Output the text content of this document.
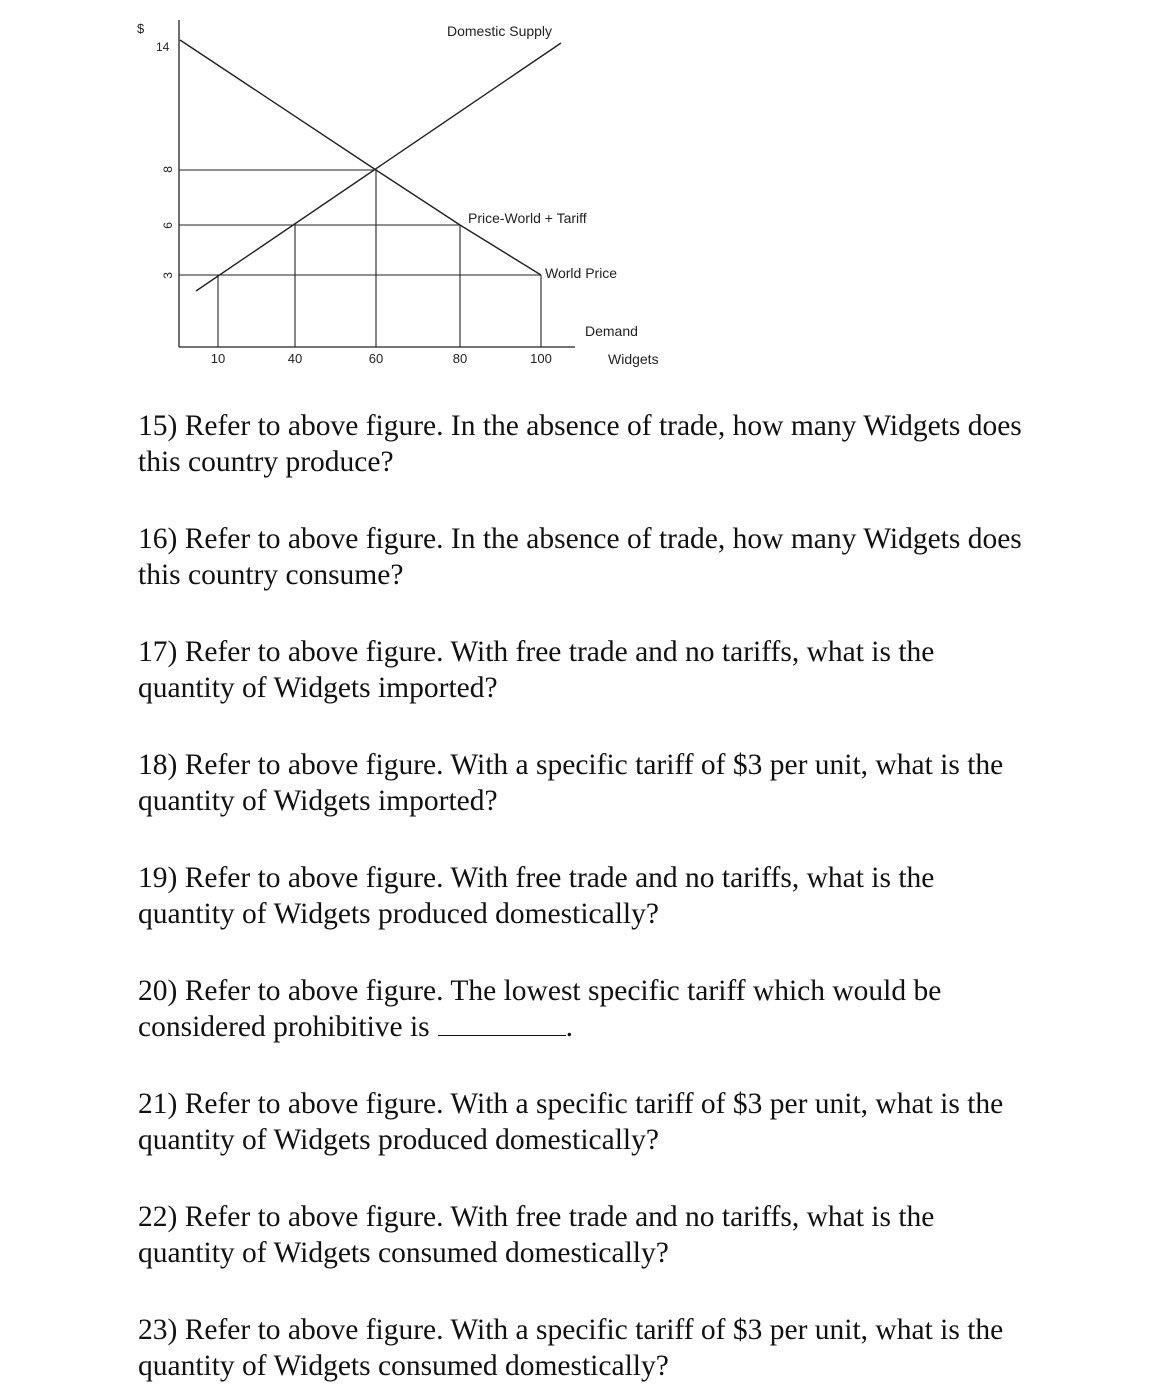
$
Widgets
14
8
6
3
10	40	60	80	100
Domestic Supply
Price-World + Tariff
World Price
Demand

15) Refer to above figure. In the absence of trade, how many Widgets does this country produce?

16) Refer to above figure. In the absence of trade, how many Widgets does this country consume?

17) Refer to above figure. With free trade and no tariffs, what is the quantity of Widgets imported?

18) Refer to above figure. With a specific tariff of $3 per unit, what is the quantity of Widgets imported?

19) Refer to above figure. With free trade and no tariffs, what is the quantity of Widgets produced domestically?

20) Refer to above figure. The lowest specific tariff which would be considered prohibitive is	.

21) Refer to above figure. With a specific tariff of $3 per unit, what is the quantity of Widgets produced domestically?

22) Refer to above figure. With free trade and no tariffs, what is the quantity of Widgets consumed domestically?

23) Refer to above figure. With a specific tariff of $3 per unit, what is the quantity of Widgets consumed domestically?
